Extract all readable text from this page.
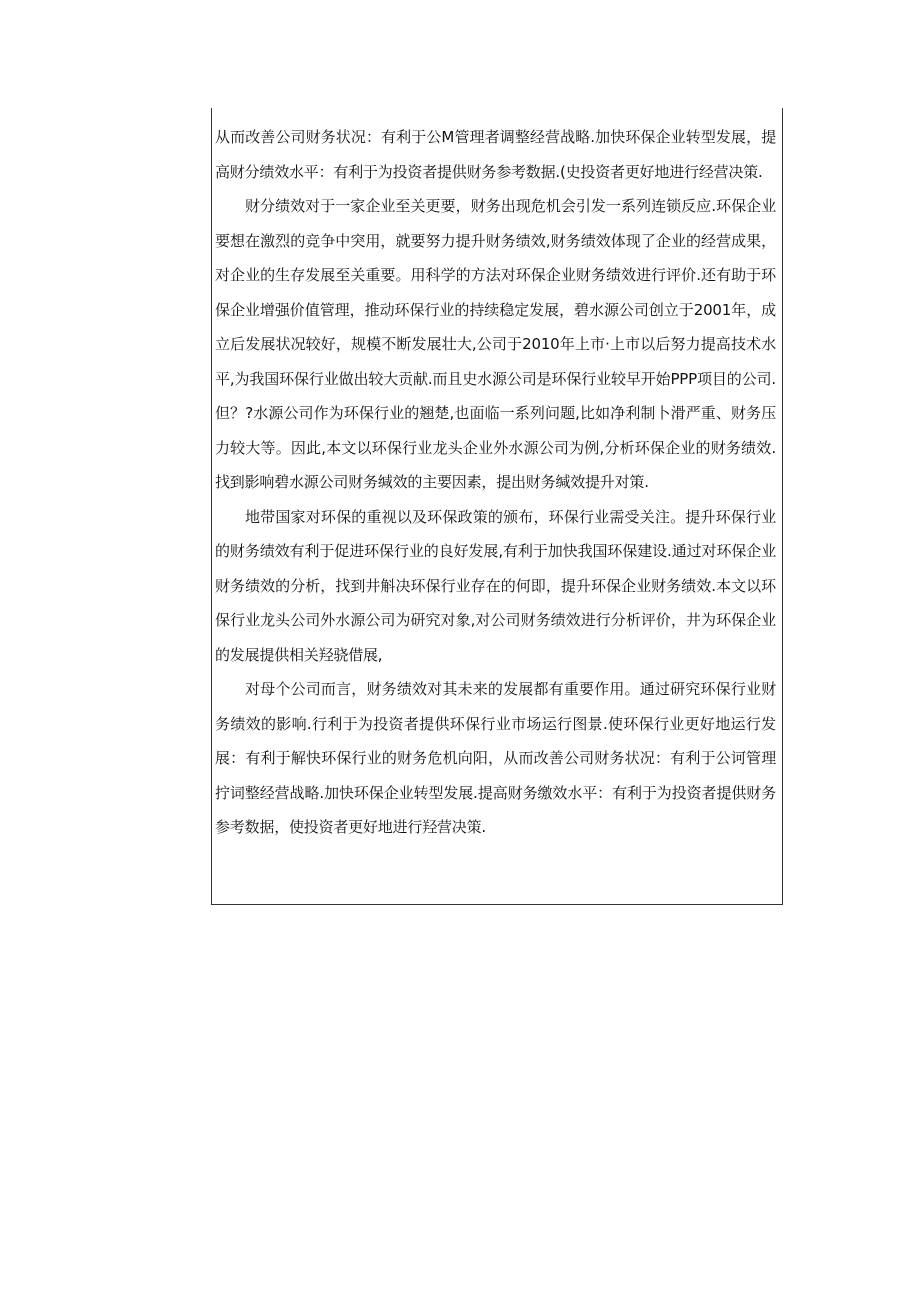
从而改善公司财务状况：有利于公M管理者调整经营战略.加快环保企业转型发展，提高财分绩效水平：有利于为投资者提供财务参考数据.(史投资者更好地进行经营决策.

财分绩效对于一家企业至关更要，财务出现危机会引发一系列连锁反应.环保企业要想在激烈的竞争中突用，就要努力提升财务绩效,财务绩效体现了企业的经营成果，对企业的生存发展至关重要。用科学的方法对环保企业财务绩效进行评价.还有助于环保企业增强价值管理，推动环保行业的持续稳定发展，碧水源公司创立于2001年，成立后发展状况较好，规模不断发展壮大,公司于2010年上市·上市以后努力提高技术水平,为我国环保行业做出较大贡献.而且史水源公司是环保行业较早开始PPP项目的公司.但？?水源公司作为环保行业的翘楚,也面临一系列问题,比如净利制卜滑严重、财务压力较大等。因此,本文以环保行业龙头企业外水源公司为例,分析环保企业的财务绩效.找到影响碧水源公司财务缄效的主要因素，提出财务缄效提升对策.

地带国家对环保的重视以及环保政策的颁布，环保行业需受关注。提升环保行业的财务绩效有利于促进环保行业的良好发展,有利于加快我国环保建设.通过对环保企业财务绩效的分析，找到井斛决环保行业存在的何即，提升环保企业财务绩效.本文以环保行业龙头公司外水源公司为研究对象,对公司财务绩效进行分析评价，井为环保企业的发展提供相关羟骁借展,

对母个公司而言，财务绩效对其未来的发展都有重要作用。通过研究环保行业财务绩效的影响.行利于为投资者提供环保行业市场运行图景.使环保行业更好地运行发展：有利于解快环保行业的财务危机向阳，从而改善公司财务状况：有利于公诃管理拧词整经营战略.加快环保企业转型发展.提高财务缴效水平：有利于为投资者提供财务参考数据，使投资者更好地进行羟营决策.
